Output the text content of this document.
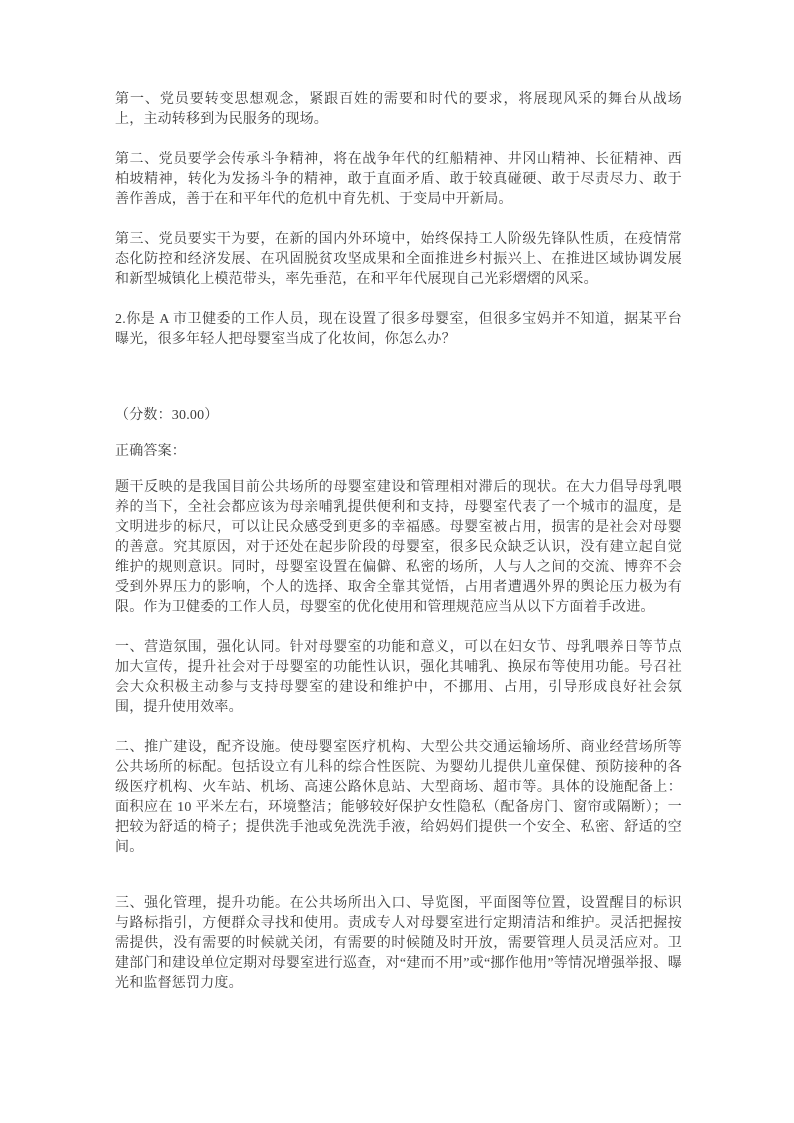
第一、党员要转变思想观念，紧跟百姓的需要和时代的要求，将展现风采的舞台从战场上，主动转移到为民服务的现场。

第二、党员要学会传承斗争精神，将在战争年代的红船精神、井冈山精神、长征精神、西柏坡精神，转化为发扬斗争的精神，敢于直面矛盾、敢于较真碰硬、敢于尽责尽力、敢于善作善成，善于在和平年代的危机中育先机、于变局中开新局。

第三、党员要实干为要，在新的国内外环境中，始终保持工人阶级先锋队性质，在疫情常态化防控和经济发展、在巩固脱贫攻坚成果和全面推进乡村振兴上、在推进区域协调发展和新型城镇化上模范带头，率先垂范，在和平年代展现自己光彩熠熠的风采。

2.你是 A 市卫健委的工作人员，现在设置了很多母婴室，但很多宝妈并不知道，据某平台曝光，很多年轻人把母婴室当成了化妆间，你怎么办？

（分数：30.00）

正确答案：

题干反映的是我国目前公共场所的母婴室建设和管理相对滞后的现状。在大力倡导母乳喂养的当下，全社会都应该为母亲哺乳提供便利和支持，母婴室代表了一个城市的温度，是文明进步的标尺，可以让民众感受到更多的幸福感。母婴室被占用，损害的是社会对母婴的善意。究其原因，对于还处在起步阶段的母婴室，很多民众缺乏认识，没有建立起自觉维护的规则意识。同时，母婴室设置在偏僻、私密的场所，人与人之间的交流、博弈不会受到外界压力的影响，个人的选择、取舍全靠其觉悟，占用者遭遇外界的舆论压力极为有限。作为卫健委的工作人员，母婴室的优化使用和管理规范应当从以下方面着手改进。

一、营造氛围，强化认同。针对母婴室的功能和意义，可以在妇女节、母乳喂养日等节点加大宣传，提升社会对于母婴室的功能性认识，强化其哺乳、换尿布等使用功能。号召社会大众积极主动参与支持母婴室的建设和维护中，不挪用、占用，引导形成良好社会氛围，提升使用效率。

二、推广建设，配齐设施。使母婴室医疗机构、大型公共交通运输场所、商业经营场所等公共场所的标配。包括设立有儿科的综合性医院、为婴幼儿提供儿童保健、预防接种的各级医疗机构、火车站、机场、高速公路休息站、大型商场、超市等。具体的设施配备上：面积应在 10 平米左右，环境整洁；能够较好保护女性隐私（配备房门、窗帘或隔断）；一把较为舒适的椅子；提供洗手池或免洗洗手液，给妈妈们提供一个安全、私密、舒适的空间。

三、强化管理，提升功能。在公共场所出入口、导览图，平面图等位置，设置醒目的标识与路标指引，方便群众寻找和使用。责成专人对母婴室进行定期清洁和维护。灵活把握按需提供，没有需要的时候就关闭，有需要的时候随及时开放，需要管理人员灵活应对。卫建部门和建设单位定期对母婴室进行巡查，对“建而不用”或“挪作他用”等情况增强举报、曝光和监督惩罚力度。
